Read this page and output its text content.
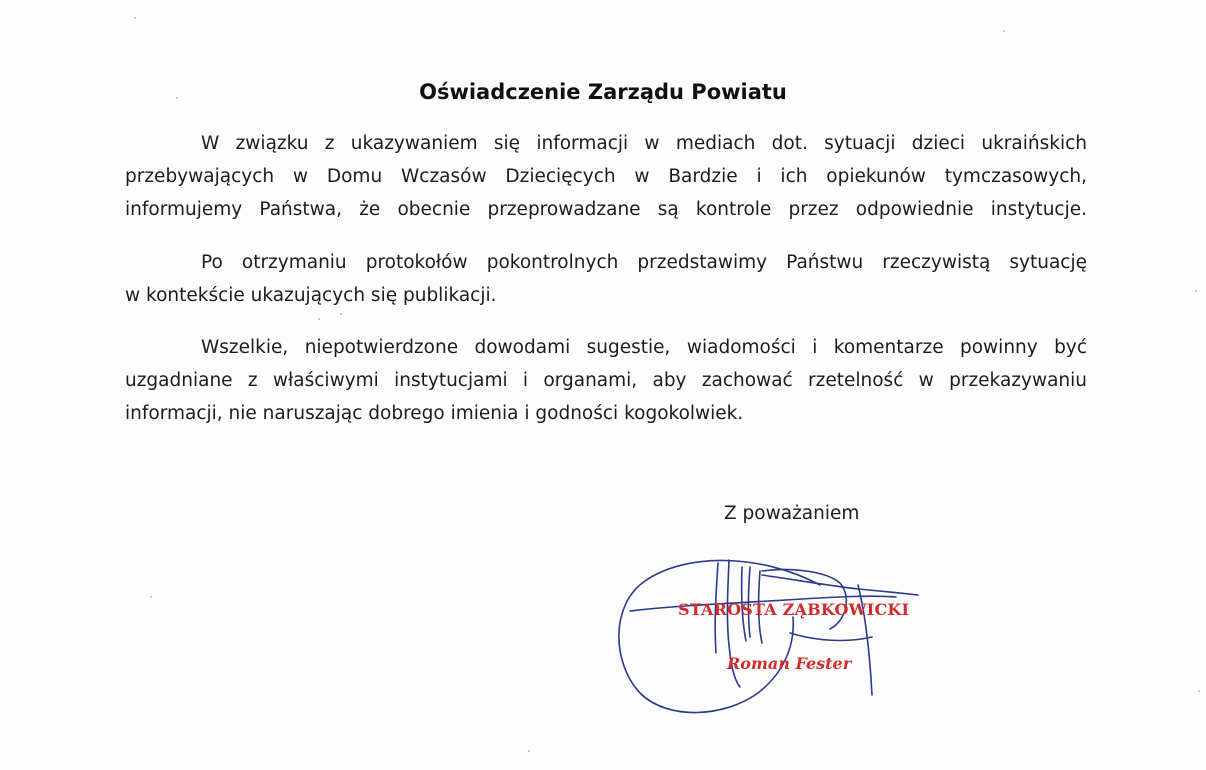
Oświadczenie Zarządu Powiatu

W związku z ukazywaniem się informacji w mediach dot. sytuacji dzieci ukraińskich
przebywających w Domu Wczasów Dziecięcych w Bardzie i ich opiekunów tymczasowych,
informujemy Państwa, że obecnie przeprowadzane są kontrole przez odpowiednie instytucje.

Po otrzymaniu protokołów pokontrolnych przedstawimy Państwu rzeczywistą sytuację
w kontekście ukazujących się publikacji.

Wszelkie, niepotwierdzone dowodami sugestie, wiadomości i komentarze powinny być
uzgadniane z właściwymi instytucjami i organami, aby zachować rzetelność w przekazywaniu
informacji, nie naruszając dobrego imienia i godności kogokolwiek.

Z poważaniem

STAROSTA ZĄBKOWICKI
Roman Fester
